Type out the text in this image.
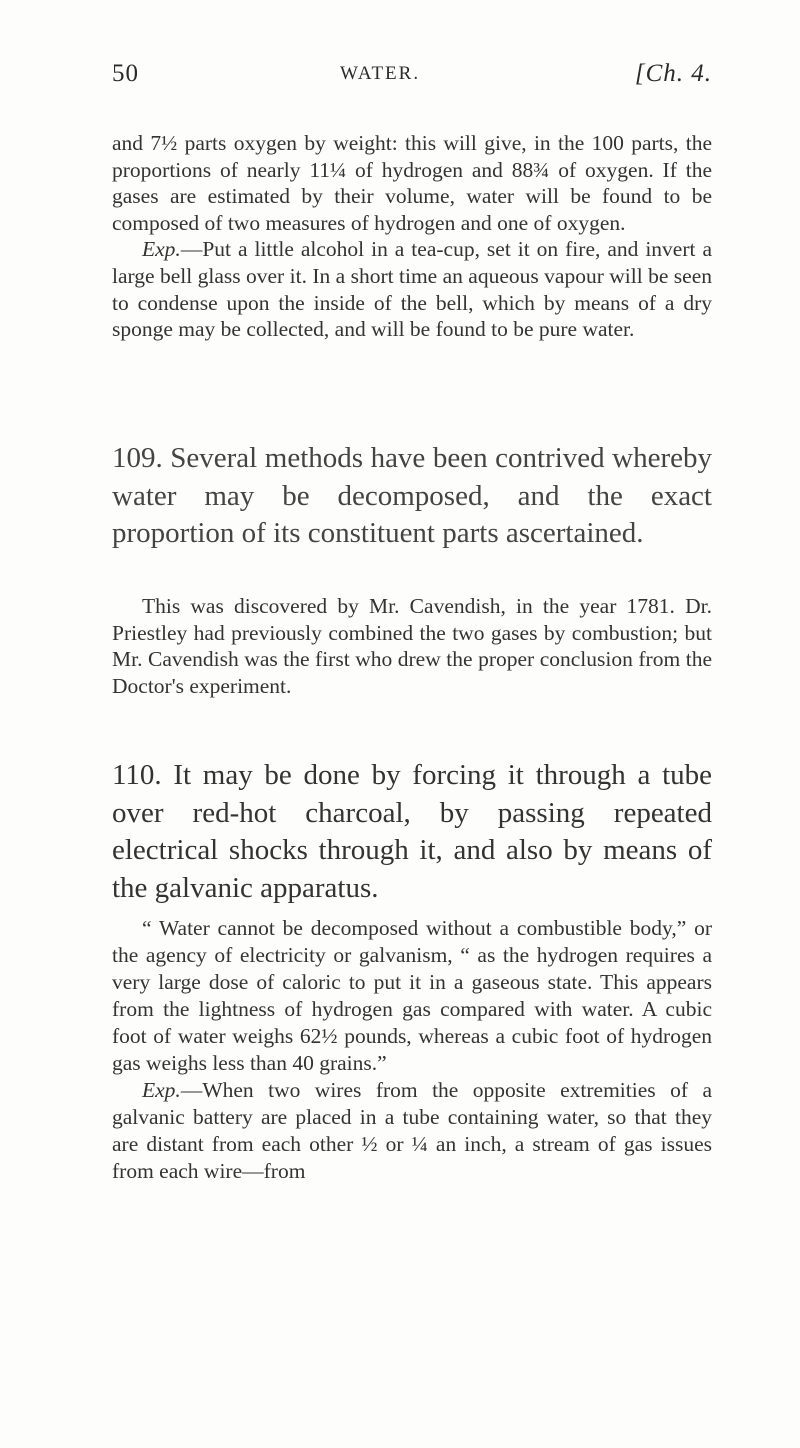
50	WATER.	[Ch. 4.
and 7½ parts oxygen by weight: this will give, in the 100 parts, the proportions of nearly 11¼ of hydrogen and 88¾ of oxygen. If the gases are estimated by their volume, water will be found to be composed of two measures of hydrogen and one of oxygen.
Exp.—Put a little alcohol in a tea-cup, set it on fire, and invert a large bell glass over it. In a short time an aqueous vapour will be seen to condense upon the inside of the bell, which by means of a dry sponge may be collected, and will be found to be pure water.
109. Several methods have been contrived whereby water may be decomposed, and the exact proportion of its constituent parts ascertained.
This was discovered by Mr. Cavendish, in the year 1781. Dr. Priestley had previously combined the two gases by combustion; but Mr. Cavendish was the first who drew the proper conclusion from the Doctor's experiment.
110. It may be done by forcing it through a tube over red-hot charcoal, by passing repeated electrical shocks through it, and also by means of the galvanic apparatus.
“ Water cannot be decomposed without a combustible body,” or the agency of electricity or galvanism, “ as the hydrogen requires a very large dose of caloric to put it in a gaseous state. This appears from the lightness of hydrogen gas compared with water. A cubic foot of water weighs 62½ pounds, whereas a cubic foot of hydrogen gas weighs less than 40 grains.”
Exp.—When two wires from the opposite extremities of a galvanic battery are placed in a tube containing water, so that they are distant from each other ½ or ¼ an inch, a stream of gas issues from each wire—from
